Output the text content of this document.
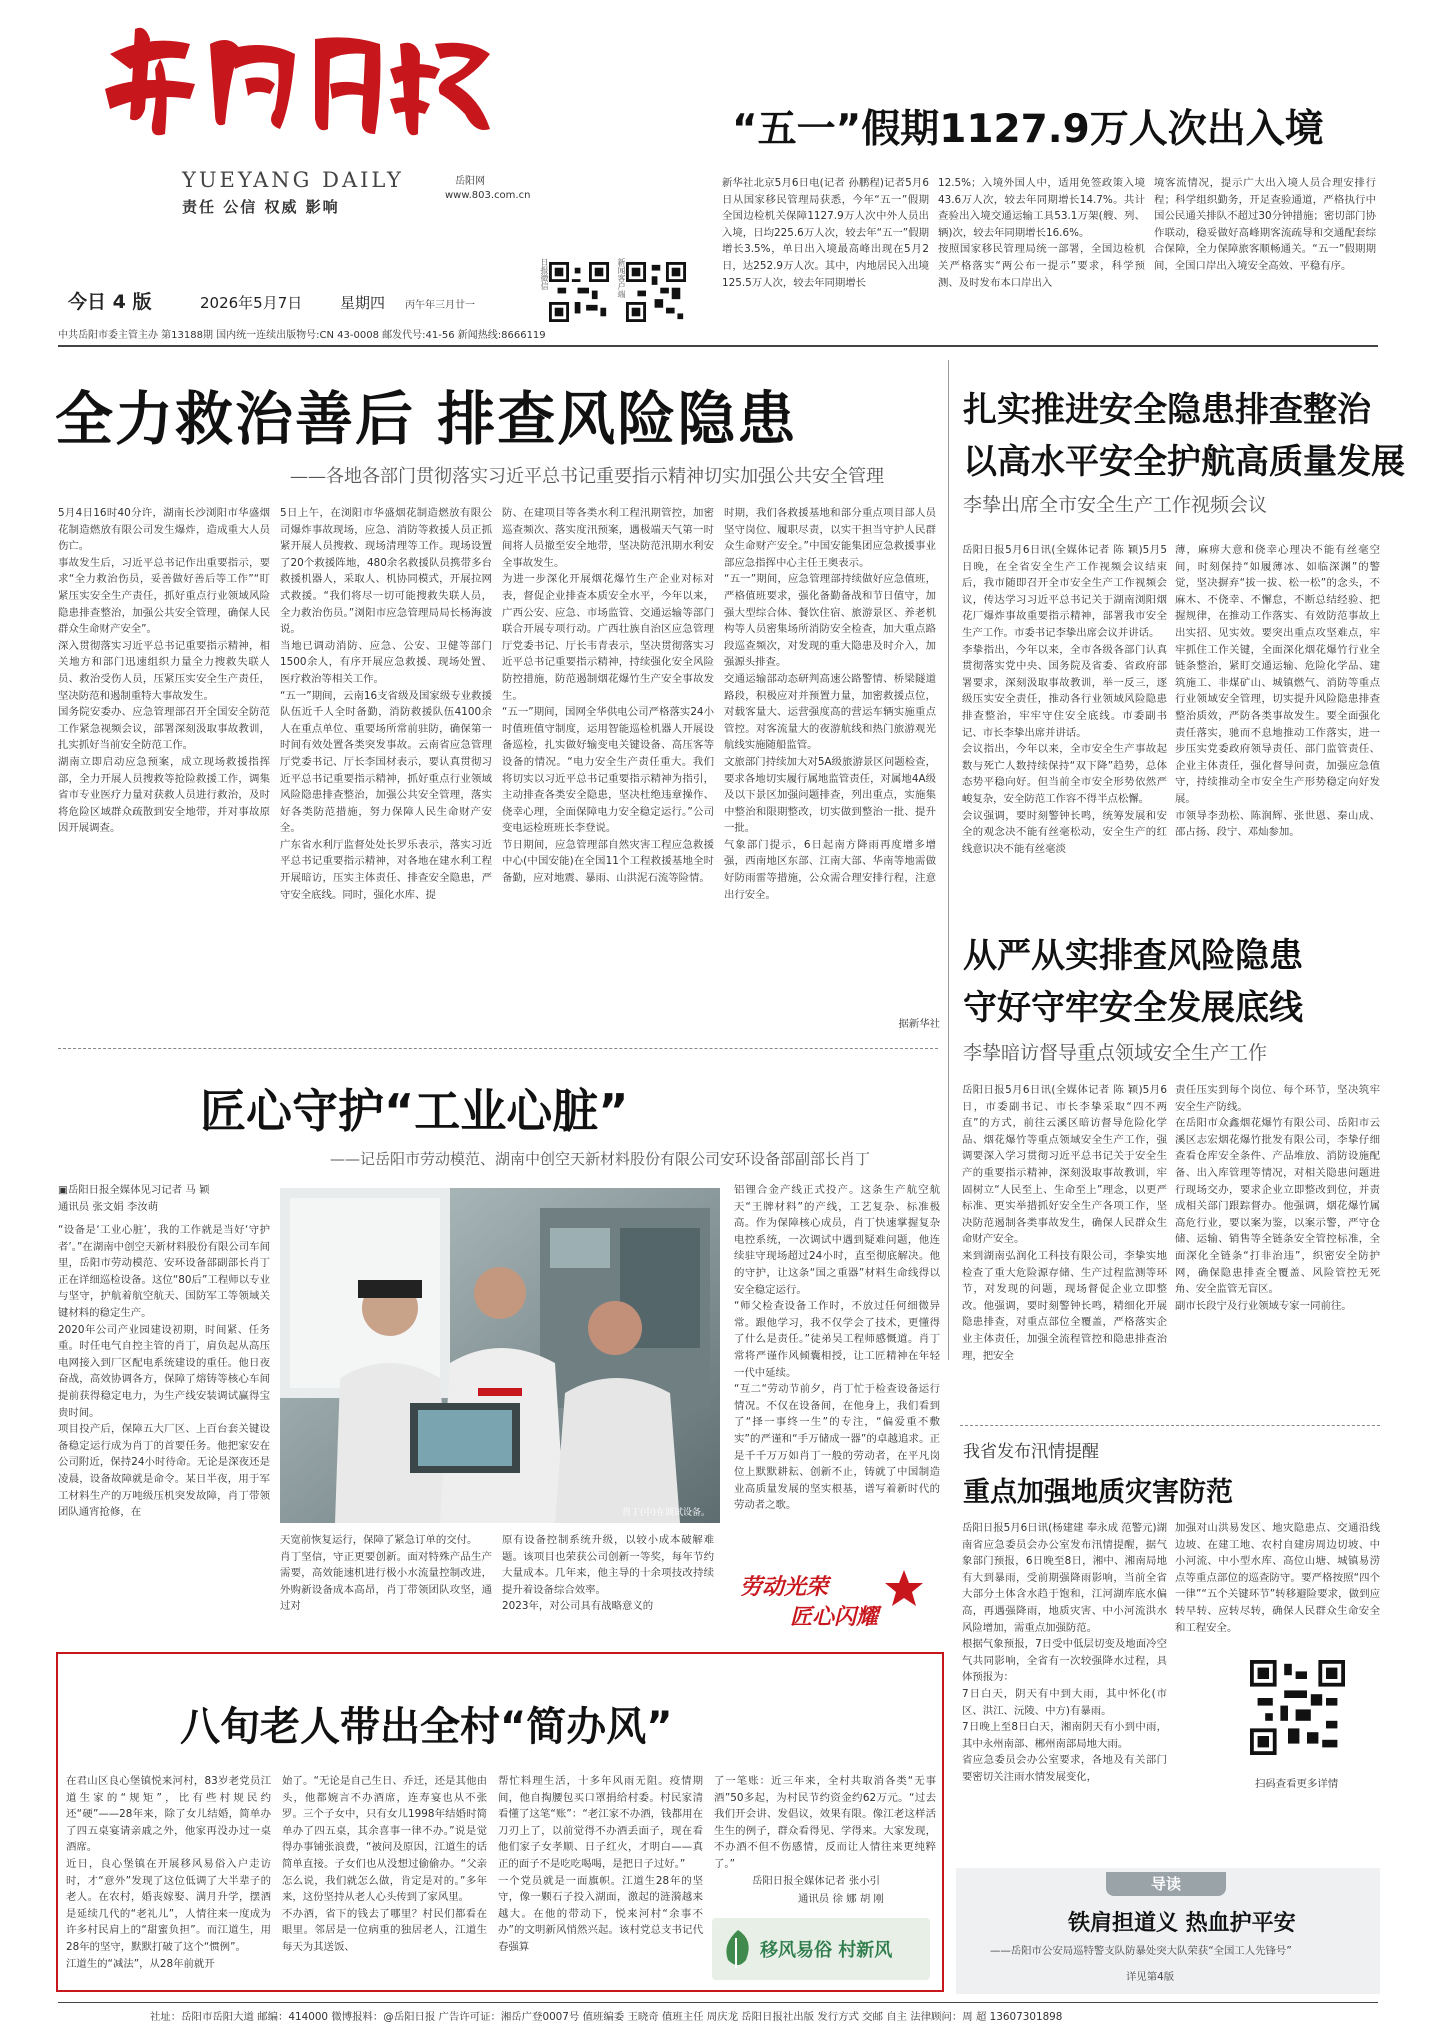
YUEYANG DAILY
责任 公信 权威 影响
岳阳网
www.803.com.cn
日报微信	新闻客户端
今日 4 版	2026年5月7日	星期四	丙午年三月廿一
中共岳阳市委主管主办 第13188期 国内统一连续出版物号:CN 43-0008 邮发代号:41-56 新闻热线:8666119
“五一”假期1127.9万人次出入境
新华社北京5月6日电(记者 孙鹏程)记者5月6日从国家移民管理局获悉，今年“五一”假期全国边检机关保障1127.9万人次中外人员出入境，日均225.6万人次，较去年“五一”假期增长3.5%，单日出入境最高峰出现在5月2日，达252.9万人次。其中，内地居民入出境125.5万人次，较去年同期增长
12.5%；入境外国人中，适用免签政策入境43.6万人次，较去年同期增长14.7%。共计查验出入境交通运输工具53.1万架(艘、列、辆)次，较去年同期增长16.6%。
按照国家移民管理局统一部署，全国边检机关严格落实“两公布一提示”要求，科学预测、及时发布本口岸出入
境客流情况，提示广大出入境人员合理安排行程；科学组织勤务，开足查验通道，严格执行中国公民通关排队不超过30分钟措施；密切部门协作联动，稳妥做好高峰期客流疏导和交通配套综合保障，全力保障旅客顺畅通关。“五一”假期期间，全国口岸出入境安全高效、平稳有序。
全力救治善后 排查风险隐患
——各地各部门贯彻落实习近平总书记重要指示精神切实加强公共安全管理
5月4日16时40分许，湖南长沙浏阳市华盛烟花制造燃放有限公司发生爆炸，造成重大人员伤亡。
事故发生后，习近平总书记作出重要指示，要求“全力救治伤员，妥善做好善后等工作”“盯紧压实安全生产责任，抓好重点行业领域风险隐患排查整治，加强公共安全管理，确保人民群众生命财产安全”。
深入贯彻落实习近平总书记重要指示精神，相关地方和部门迅速组织力量全力搜救失联人员、救治受伤人员，压紧压实安全生产责任，坚决防范和遏制重特大事故发生。
国务院安委办、应急管理部召开全国安全防范工作紧急视频会议，部署深刻汲取事故教训，扎实抓好当前安全防范工作。
湖南立即启动应急预案，成立现场救援指挥部，全力开展人员搜救等抢险救援工作，调集省市专业医疗力量对获救人员进行救治，及时将危险区域群众疏散到安全地带，并对事故原因开展调查。
5日上午，在浏阳市华盛烟花制造燃放有限公司爆炸事故现场，应急、消防等救援人员正抓紧开展人员搜救、现场清理等工作。现场设置了20个救援阵地，480余名救援队员携带多台救援机器人，采取人、机协同模式，开展拉网式救援。“我们将尽一切可能搜救失联人员，全力救治伤员。”浏阳市应急管理局局长杨海波说。
当地已调动消防、应急、公安、卫健等部门1500余人，有序开展应急救援、现场处置、医疗救治等相关工作。
“五一”期间，云南16支省级及国家级专业救援队伍近千人全时备勤，消防救援队伍4100余人在重点单位、重要场所常前驻防，确保第一时间有效处置各类突发事故。云南省应急管理厅党委书记、厅长李国材表示，要认真贯彻习近平总书记重要指示精神，抓好重点行业领域风险隐患排查整治，加强公共安全管理，落实好各类防范措施，努力保障人民生命财产安全。
广东省水利厅监督处处长罗乐表示，落实习近平总书记重要指示精神，对各地在建水利工程开展暗访，压实主体责任、排查安全隐患，严守安全底线。同时，强化水库、提
防、在建项目等各类水利工程汛期管控，加密巡查频次、落实度汛预案，遇极端天气第一时间将人员撤至安全地带，坚决防范汛期水利安全事故发生。
为进一步深化开展烟花爆竹生产企业对标对表，督促企业排查本质安全水平，今年以来，广西公安、应急、市场监管、交通运输等部门联合开展专项行动。广西壮族自治区应急管理厅党委书记、厅长韦青表示，坚决贯彻落实习近平总书记重要指示精神，持续强化安全风险防控措施，防范遏制烟花爆竹生产安全事故发生。
“五一”期间，国网全华供电公司严格落实24小时值班值守制度，运用智能巡检机器人开展设备巡检，扎实做好输变电关键设备、高压客等设备的情况。“电力安全生产责任重大。我们将切实以习近平总书记重要指示精神为指引，主动排查各类安全隐患，坚决杜绝违章操作、侥幸心理，全面保障电力安全稳定运行。”公司变电运检班班长李登说。
节日期间，应急管理部自然灾害工程应急救援中心(中国安能)在全国11个工程救援基地全时备勤，应对地震、暴雨、山洪泥石流等险情。
时期，我们各救援基地和部分重点项目部人员坚守岗位、履职尽责，以实干担当守护人民群众生命财产安全。”中国安能集团应急救援事业部应急指挥中心主任王奥表示。
“五一”期间，应急管理部持续做好应急值班，严格值班要求，强化备勤备战和节日值守，加强大型综合体、餐饮住宿、旅游景区、养老机构等人员密集场所消防安全检查，加大重点路段巡查频次，对发现的重大隐患及时介入，加强源头排查。
交通运输部动态研判高速公路警情、桥梁隧道路段，积极应对并预置力量，加密救援点位，对载客量大、运营强度高的营运车辆实施重点管控。对客流量大的夜游航线和热门旅游观光航线实施随船监管。
文旅部门持续加大对5A级旅游景区问题检查，要求各地切实履行属地监管责任，对属地4A级及以下景区加强问题排查，列出重点，实施集中整治和限期整改，切实做到整治一批、提升一批。
气象部门提示，6日起南方降雨再度增多增强，西南地区东部、江南大部、华南等地需做好防雨雷等措施，公众需合理安排行程，注意出行安全。
据新华社
扎实推进安全隐患排查整治
以高水平安全护航高质量发展
李挚出席全市安全生产工作视频会议
岳阳日报5月6日讯(全媒体记者 陈 颖)5月5日晚，在全省安全生产工作视频会议结束后，我市随即召开全市安全生产工作视频会议，传达学习习近平总书记关于湖南浏阳烟花厂爆炸事故重要指示精神，部署我市安全生产工作。市委书记李挚出席会议并讲话。
李挚指出，今年以来，全市各级各部门认真贯彻落实党中央、国务院及省委、省政府部署要求，深刻汲取事故教训，举一反三，逐级压实安全责任，推动各行业领域风险隐患排查整治，牢牢守住安全底线。市委副书记、市长李挚出席并讲话。
会议指出，今年以来，全市安全生产事故起数与死亡人数持续保持“双下降”趋势，总体态势平稳向好。但当前全市安全形势依然严峻复杂，安全防范工作容不得半点松懈。
会议强调，要时刻警钟长鸣，统筹发展和安全的观念决不能有丝毫松动，安全生产的红线意识决不能有丝毫淡
薄，麻痹大意和侥幸心理决不能有丝毫空间，时刻保持“如履薄冰、如临深渊”的警觉，坚决摒弃“拔一拔、松一松”的念头，不麻木、不侥幸、不懈怠，不断总结经验、把握规律，在推动工作落实、有效防范事故上出实招、见实效。要突出重点攻坚难点，牢牢抓住工作关键，全面深化烟花爆竹行业全链条整治，紧盯交通运输、危险化学品、建筑施工、非煤矿山、城镇燃气、消防等重点行业领域安全管理，切实提升风险隐患排查整治质效，严防各类事故发生。要全面强化责任落实，驰而不息地推动工作落实，进一步压实党委政府领导责任、部门监管责任、企业主体责任，强化督导问责，加强应急值守，持续推动全市安全生产形势稳定向好发展。
市领导李劲松、陈润辉、张世恩、秦山成、邵占扬、段宁、邓灿参加。
从严从实排查风险隐患
守好守牢安全发展底线
李挚暗访督导重点领域安全生产工作
岳阳日报5月6日讯(全媒体记者 陈 颖)5月6日，市委副书记、市长李挚采取“四不两直”的方式，前往云溪区暗访督导危险化学品、烟花爆竹等重点领域安全生产工作，强调要深入学习贯彻习近平总书记关于安全生产的重要指示精神，深刻汲取事故教训，牢固树立“人民至上、生命至上”理念，以更严标准、更实举措抓好安全生产各项工作，坚决防范遏制各类事故发生，确保人民群众生命财产安全。
来到湖南弘润化工科技有限公司，李挚实地检查了重大危险源存储、生产过程监测等环节，对发现的问题，现场督促企业立即整改。他强调，要时刻警钟长鸣，精细化开展隐患排查，对重点部位全覆盖，严格落实企业主体责任，加强全流程管控和隐患排查治理，把安全
责任压实到每个岗位、每个环节，坚决筑牢安全生产防线。
在岳阳市众鑫烟花爆竹有限公司、岳阳市云溪区志宏烟花爆竹批发有限公司，李挚仔细查看仓库安全条件、产品堆放、消防设施配备、出入库管理等情况，对相关隐患问题进行现场交办，要求企业立即整改到位，并责成相关部门跟踪督办。他强调，烟花爆竹属高危行业，要以案为鉴，以案示警，严守仓储、运输、销售等全链条安全管控标准，全面深化全链条“打非治违”，织密安全防护网，确保隐患排查全覆盖、风险管控无死角、安全监管无盲区。
副市长段宁及行业领域专家一同前往。
匠心守护“工业心脏”
——记岳阳市劳动模范、湖南中创空天新材料股份有限公司安环设备部副部长肖丁
▣岳阳日报全媒体见习记者 马 颖
通讯员 张文娟 李汝萌
“设备是‘工业心脏’，我的工作就是当好‘守护者’。”在湖南中创空天新材料股份有限公司车间里，岳阳市劳动模范、安环设备部副部长肖丁正在详细巡检设备。这位“80后”工程师以专业与坚守，护航着航空航天、国防军工等领域关键材料的稳定生产。
2020年公司产业园建设初期，时间紧、任务重。时任电气自控主管的肖丁，肩负起从高压电网接入到厂区配电系统建设的重任。他日夜奋战，高效协调各方，保障了熔铸等核心车间提前获得稳定电力，为生产线安装调试赢得宝贵时间。
项目投产后，保障五大厂区、上百台套关键设备稳定运行成为肖丁的首要任务。他把家安在公司附近，保持24小时待命。无论是深夜还是凌晨，设备故障就是命令。某日半夜，用于军工材料生产的万吨级压机突发故障，肖丁带领团队通宵抢修，在	肖丁(中)在调试设备。
铝锂合金产线正式投产。这条生产航空航天“王牌材料”的产线，工艺复杂、标准极高。作为保障核心成员，肖丁快速掌握复杂电控系统，一次调试中遇到疑难问题，他连续驻守现场超过24小时，直至彻底解决。他的守护，让这条“国之重器”材料生命线得以安全稳定运行。
“师父检查设备工作时，不放过任何细微异常。跟他学习，我不仅学会了技术，更懂得了什么是责任。”徒弟吴工程师感慨道。肖丁常将严谨作风倾囊相授，让工匠精神在年轻一代中延续。
“互二“劳动节前夕，肖丁忙于检查设备运行情况。不仅在设备间，在他身上，我们看到了“择一事终一生”的专注，“偏爱重不敷实”的严谨和“手万储成一器”的卓越追求。正是千千万万如肖丁一般的劳动者，在平凡岗位上默默耕耘、创新不止，铸就了中国制造业高质量发展的坚实根基，谱写着新时代的劳动者之歌。
天宽前恢复运行，保障了紧急订单的交付。
肖丁坚信，守正更要创新。面对特殊产品生产需要，高效能速机进行极小水流量控制改进，外购新设备成本高昂，肖丁带领团队攻坚，通过对
原有设备控制系统升级，以较小成本破解难题。该项目也荣获公司创新一等奖，每年节约大量成本。几年来，他主导的十余项技改持续提升着设备综合效率。
2023年，对公司具有战略意义的
劳动光荣
匠心闪耀
我省发布汛情提醒
重点加强地质灾害防范
岳阳日报5月6日讯(杨建建 奉永成 范警元)湖南省应急委员会办公室发布汛情提醒，据气象部门预报，6日晚至8日，湘中、湘南局地有大到暴雨，受前期强降雨影响，当前全省大部分土体含水趋于饱和，江河湖库底水偏高，再遇强降雨，地质灾害、中小河流洪水风险增加，需重点加强防范。
根据气象预报，7日受中低层切变及地面冷空气共同影响，全省有一次较强降水过程，具体预报为：
7日白天，阴天有中到大雨，其中怀化(市区、洪江、沅陵、中方)有暴雨。
7日晚上至8日白天，湘南阴天有小到中雨，其中永州南部、郴州南部局地大雨。
省应急委员会办公室要求，各地及有关部门要密切关注雨水情发展变化，
加强对山洪易发区、地灾隐患点、交通沿线边坡、在建工地、农村自建房周边切坡、中小河流、中小型水库、高位山塘、城镇易涝点等重点部位的巡查防守。要严格按照“四个一律”“五个关键环节”转移避险要求，做到应转早转、应转尽转，确保人民群众生命安全和工程安全。
扫码查看更多详情
八旬老人带出全村“简办风”
在君山区良心堡镇悦来河村，83岁老党员江道生家的“规矩”，比有些村规民约还“硬”——28年来，除了女儿结婚，简单办了四五桌宴请亲戚之外，他家再没办过一桌酒席。
近日，良心堡镇在开展移风易俗入户走访时，才“意外”发现了这位低调了大半辈子的老人。在农村，婚丧嫁娶、满月升学，摆酒是延续几代的“老礼儿”，人情往来一度成为许多村民肩上的“甜蜜负担”。而江道生，用28年的坚守，默默打破了这个“惯例”。
江道生的“减法”，从28年前就开
始了。“无论是自己生日、乔迁，还是其他由头，他都婉言不办酒席，连寿宴也从不张罗。三个子女中，只有女儿1998年结婚时简单办了四五桌，其余喜事一律不办。”说是觉得办事铺张浪费，“被问及原因，江道生的话简单直接。子女们也从没想过偷偷办。“父亲怎么说，我们就怎么做，肯定是对的。”多年来，这份坚持从老人心头传到了家风里。
不办酒，省下的钱去了哪里？村民们都看在眼里。邻居是一位病重的独居老人，江道生每天为其送饭、
帮忙料理生活，十多年风雨无阻。疫情期间，他自掏腰包买口罩捐给村委。村民家清看懂了这笔“账”：“老江家不办酒，钱都用在刀刃上了，以前觉得不办酒丢面子，现在看他们家子女孝顺、日子红火，才明白——真正的面子不是吃吃喝喝，是把日子过好。”
一个党员就是一面旗帜。江道生28年的坚守，像一颗石子投入湖面，激起的涟漪越来越大。在他的带动下，悦来河村“余事不办”的文明新风悄然兴起。该村党总支书记代春强算
了一笔账：近三年来，全村共取消各类“无事酒”50多起，为村民节约资金约62万元。“过去我们开会讲、发倡议，效果有限。像江老这样活生生的例子，群众看得见、学得来。大家发现，不办酒不但不伤感情，反而让人情往来更纯粹了。”
岳阳日报全媒体记者 张小引
通讯员 徐 娜 胡 刚
移风易俗 村新风
导读
铁肩担道义 热血护平安
——岳阳市公安局巡特警支队防暴处突大队荣获“全国工人先锋号”
详见第4版
社址：岳阳市岳阳大道 邮编：414000 微博报料：@岳阳日报 广告许可证：湘岳广登0007号 值班编委 王晓奇 值班主任 周庆龙 岳阳日报社出版 发行方式 交邮 自主 法律顾问：周 超 13607301898
